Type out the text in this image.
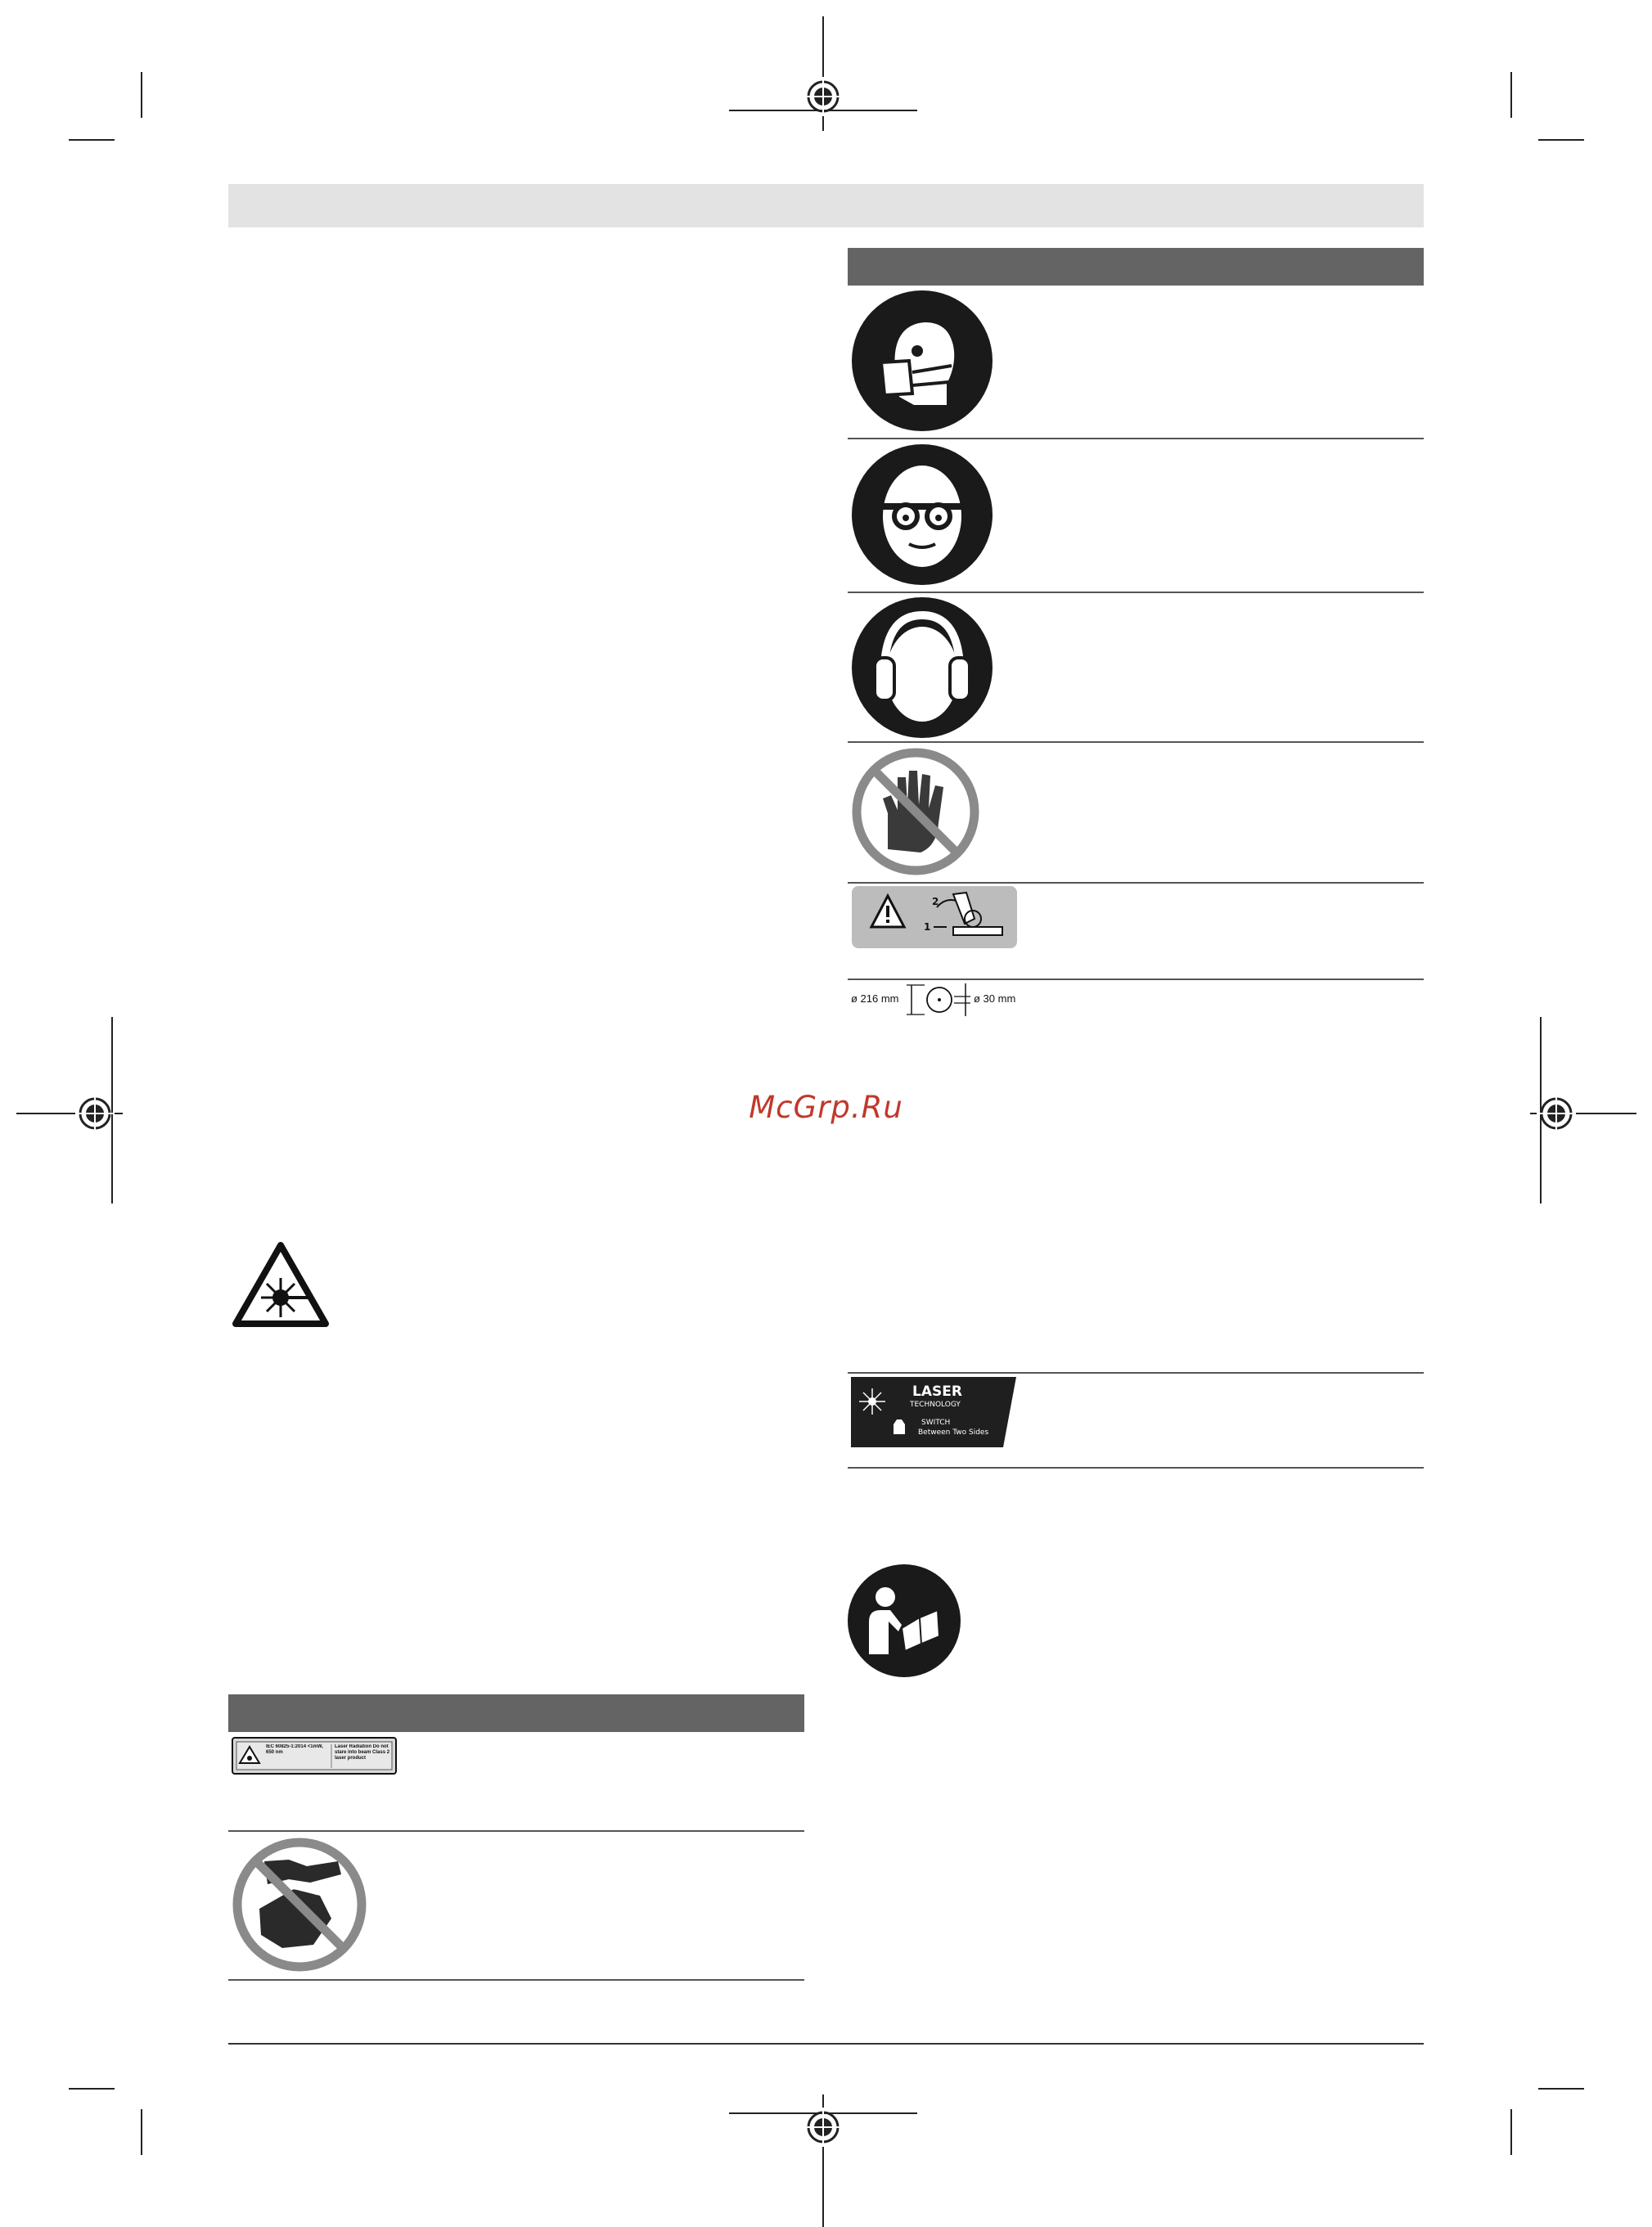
2
1
ø 216 mm	ø 30 mm
McGrp.Ru
LASER
TECHNOLOGY
SWITCH
Between Two Sides
IEC 60825-1:2014 <1mW, 650 nm
Laser Radiation Do not stare into beam Class 2 laser product
